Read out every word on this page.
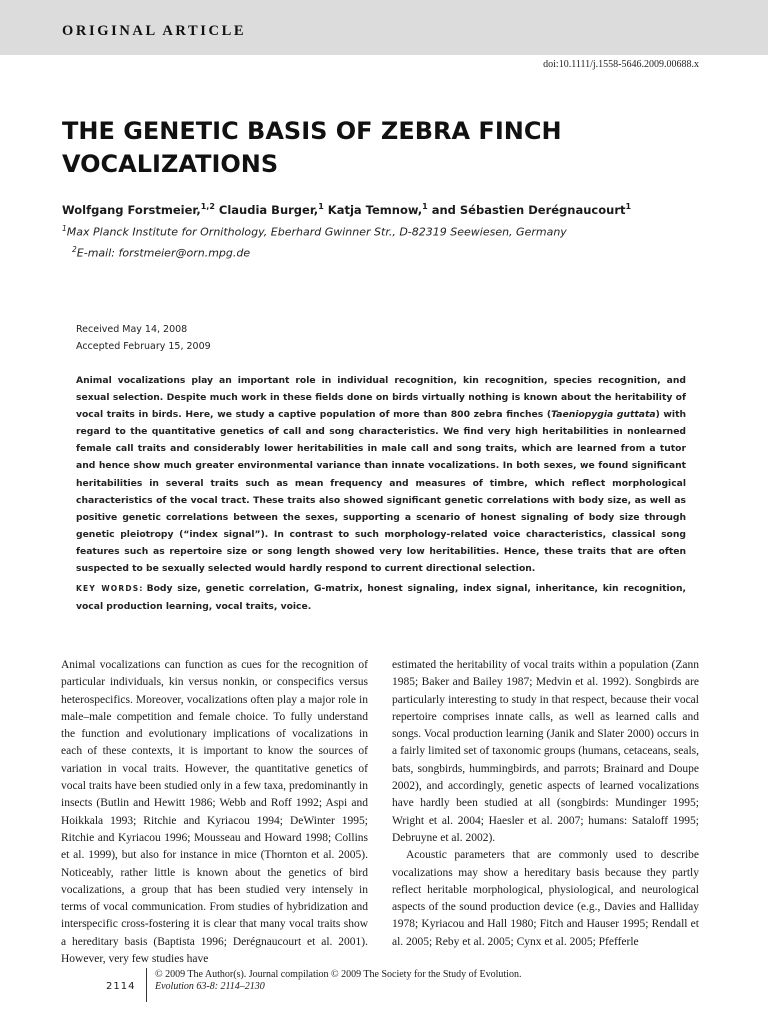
ORIGINAL ARTICLE
doi:10.1111/j.1558-5646.2009.00688.x
THE GENETIC BASIS OF ZEBRA FINCH VOCALIZATIONS
Wolfgang Forstmeier,$^{1,2}$ Claudia Burger,$^1$ Katja Temnow,$^1$ and Sébastien Derégnaucourt$^1$
$^1$Max Planck Institute for Ornithology, Eberhard Gwinner Str., D-82319 Seewiesen, Germany
$^2$E-mail: forstmeier@orn.mpg.de
Received May 14, 2008
Accepted February 15, 2009

Animal vocalizations play an important role in individual recognition, kin recognition, species recognition, and sexual selection. Despite much work in these fields done on birds virtually nothing is known about the heritability of vocal traits in birds. Here, we study a captive population of more than 800 zebra finches (Taeniopygia guttata) with regard to the quantitative genetics of call and song characteristics. We find very high heritabilities in nonlearned female call traits and considerably lower heritabilities in male call and song traits, which are learned from a tutor and hence show much greater environmental variance than innate vocalizations. In both sexes, we found significant heritabilities in several traits such as mean frequency and measures of timbre, which reflect morphological characteristics of the vocal tract. These traits also showed significant genetic correlations with body size, as well as positive genetic correlations between the sexes, supporting a scenario of honest signaling of body size through genetic pleiotropy (“index signal”). In contrast to such morphology-related voice characteristics, classical song features such as repertoire size or song length showed very low heritabilities. Hence, these traits that are often suspected to be sexually selected would hardly respond to current directional selection.

KEY WORDS: Body size, genetic correlation, G-matrix, honest signaling, index signal, inheritance, kin recognition, vocal production learning, vocal traits, voice.

Animal vocalizations can function as cues for the recognition of particular individuals, kin versus nonkin, or conspecifics versus heterospecifics. Moreover, vocalizations often play a major role in male–male competition and female choice. To fully understand the function and evolutionary implications of vocalizations in each of these contexts, it is important to know the sources of variation in vocal traits. However, the quantitative genetics of vocal traits have been studied only in a few taxa, predominantly in insects (Butlin and Hewitt 1986; Webb and Roff 1992; Aspi and Hoikkala 1993; Ritchie and Kyriacou 1994; DeWinter 1995; Ritchie and Kyriacou 1996; Mousseau and Howard 1998; Collins et al. 1999), but also for instance in mice (Thornton et al. 2005). Noticeably, rather little is known about the genetics of bird vocalizations, a group that has been studied very intensely in terms of vocal communication. From studies of hybridization and interspecific cross-fostering it is clear that many vocal traits show a hereditary basis (Baptista 1996; Derégnaucourt et al. 2001). However, very few studies have

estimated the heritability of vocal traits within a population (Zann 1985; Baker and Bailey 1987; Medvin et al. 1992). Songbirds are particularly interesting to study in that respect, because their vocal repertoire comprises innate calls, as well as learned calls and songs. Vocal production learning (Janik and Slater 2000) occurs in a fairly limited set of taxonomic groups (humans, cetaceans, seals, bats, songbirds, hummingbirds, and parrots; Brainard and Doupe 2002), and accordingly, genetic aspects of learned vocalizations have hardly been studied at all (songbirds: Mundinger 1995; Wright et al. 2004; Haesler et al. 2007; humans: Sataloff 1995; Debruyne et al. 2002).

Acoustic parameters that are commonly used to describe vocalizations may show a hereditary basis because they partly reflect heritable morphological, physiological, and neurological aspects of the sound production device (e.g., Davies and Halliday 1978; Kyriacou and Hall 1980; Fitch and Hauser 1995; Rendall et al. 2005; Reby et al. 2005; Cynx et al. 2005; Pfefferle

2114
© 2009 The Author(s). Journal compilation © 2009 The Society for the Study of Evolution.
Evolution 63-8: 2114–2130
